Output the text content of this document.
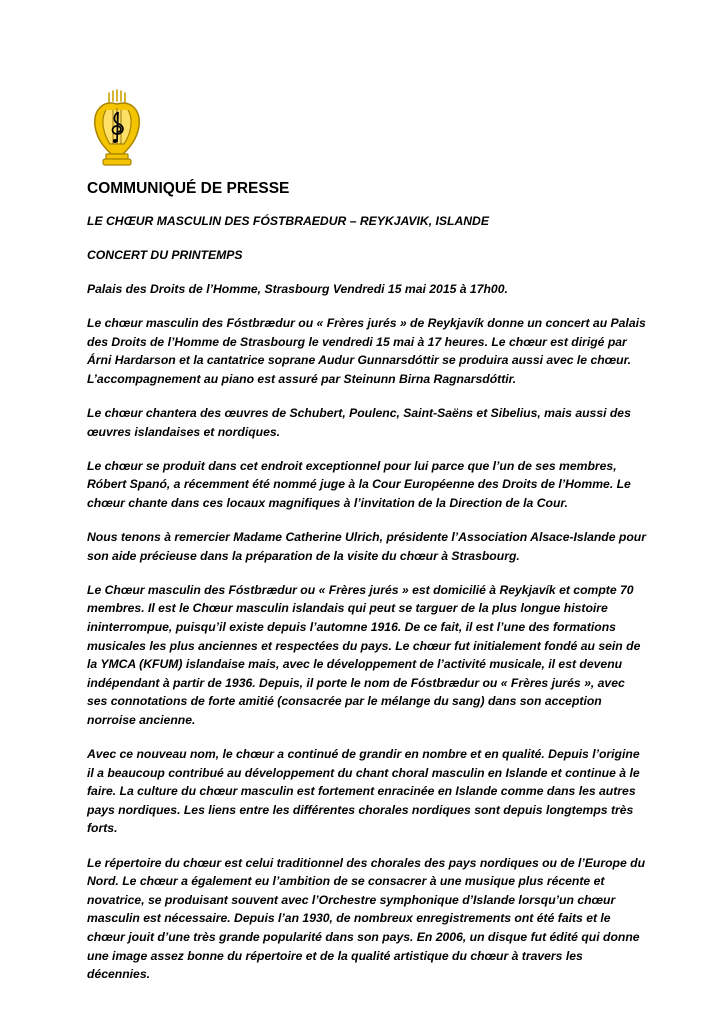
COMMUNIQUÉ DE PRESSE

LE CHŒUR MASCULIN DES FÓSTBRAEDUR – REYKJAVIK, ISLANDE

CONCERT DU PRINTEMPS

Palais des Droits de l’Homme, Strasbourg Vendredi 15 mai 2015 à 17h00.

Le chœur masculin des Fóstbrædur ou « Frères jurés » de Reykjavík donne un concert au Palais des Droits de l’Homme de Strasbourg le vendredi 15 mai à 17 heures. Le chœur est dirigé par Árni Hardarson et la cantatrice soprane Audur Gunnarsdóttir se produira aussi avec le chœur. L’accompagnement au piano est assuré par Steinunn Birna Ragnarsdóttir.

Le chœur chantera des œuvres de Schubert, Poulenc, Saint-Saëns et Sibelius, mais aussi des œuvres islandaises et nordiques.

Le chœur se produit dans cet endroit exceptionnel pour lui parce que l’un de ses membres, Róbert Spanó, a récemment été nommé juge à la Cour Européenne des Droits de l’Homme. Le chœur chante dans ces locaux magnifiques à l’invitation de la Direction de la Cour.

Nous tenons à remercier Madame Catherine Ulrich, présidente l’Association Alsace-Islande pour son aide précieuse dans la préparation de la visite du chœur à Strasbourg.

Le Chœur masculin des Fóstbrædur ou « Frères jurés » est domicilié à Reykjavík et compte 70 membres. Il est le Chœur masculin islandais qui peut se targuer de la plus longue histoire ininterrompue, puisqu’il existe depuis l’automne 1916. De ce fait, il est l’une des formations musicales les plus anciennes et respectées du pays. Le chœur fut initialement fondé au sein de la YMCA (KFUM) islandaise mais, avec le développement de l’activité musicale, il est devenu indépendant à partir de 1936. Depuis, il porte le nom de Fóstbrædur ou « Frères jurés », avec ses connotations de forte amitié (consacrée par le mélange du sang) dans son acception norroise ancienne.

Avec ce nouveau nom, le chœur a continué de grandir en nombre et en qualité. Depuis l’origine il a beaucoup contribué au développement du chant choral masculin en Islande et continue à le faire. La culture du chœur masculin est fortement enracinée en Islande comme dans les autres pays nordiques. Les liens entre les différentes chorales nordiques sont depuis longtemps très forts.

Le répertoire du chœur est celui traditionnel des chorales des pays nordiques ou de l’Europe du Nord. Le chœur a également eu l’ambition de se consacrer à une musique plus récente et novatrice, se produisant souvent avec l’Orchestre symphonique d’Islande lorsqu’un chœur masculin est nécessaire. Depuis l’an 1930, de nombreux enregistrements ont été faits et le chœur jouit d’une très grande popularité dans son pays. En 2006, un disque fut édité qui donne une image assez bonne du répertoire et de la qualité artistique du chœur à travers les décennies.
